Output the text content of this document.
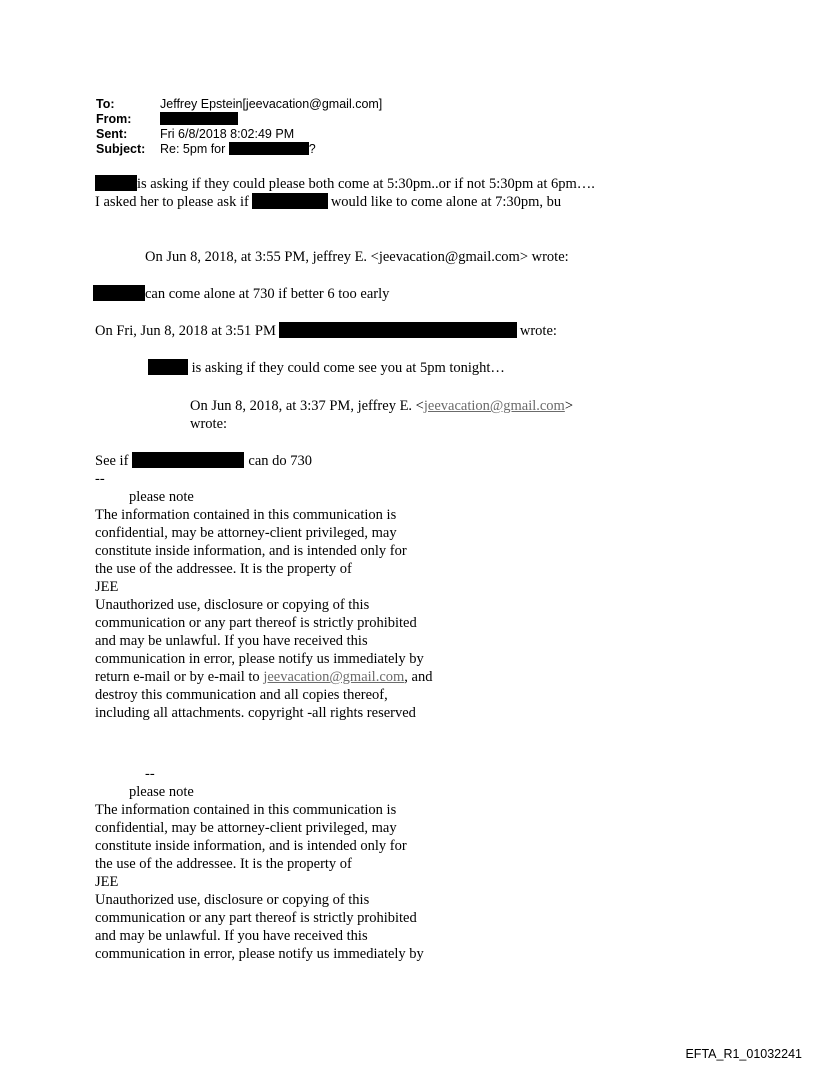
To:	Jeffrey Epstein[jeevacation@gmail.com]
From:
Sent:	Fri 6/8/2018 8:02:49 PM
Subject: Re: 5pm for	?
is asking if they could please both come at 5:30pm..or if not 5:30pm at 6pm….
I asked her to please ask if	would like to come alone at 7:30pm, bu
On Jun 8, 2018, at 3:55 PM, jeffrey E. <jeevacation@gmail.com> wrote:
can come alone at 730 if better 6 too early
On Fri, Jun 8, 2018 at 3:51 PM	wrote:
is asking if they could come see you at 5pm tonight…
On Jun 8, 2018, at 3:37 PM, jeffrey E. <jeevacation@gmail.com>
wrote:
See if	can do 730
--
please note
The information contained in this communication is
confidential, may be attorney-client privileged, may
constitute inside information, and is intended only for
the use of the addressee. It is the property of
JEE
Unauthorized use, disclosure or copying of this
communication or any part thereof is strictly prohibited
and may be unlawful. If you have received this
communication in error, please notify us immediately by
return e-mail or by e-mail to jeevacation@gmail.com, and
destroy this communication and all copies thereof,
including all attachments. copyright -all rights reserved
--
please note
The information contained in this communication is
confidential, may be attorney-client privileged, may
constitute inside information, and is intended only for
the use of the addressee. It is the property of
JEE
Unauthorized use, disclosure or copying of this
communication or any part thereof is strictly prohibited
and may be unlawful. If you have received this
communication in error, please notify us immediately by
EFTA_R1_01032241
